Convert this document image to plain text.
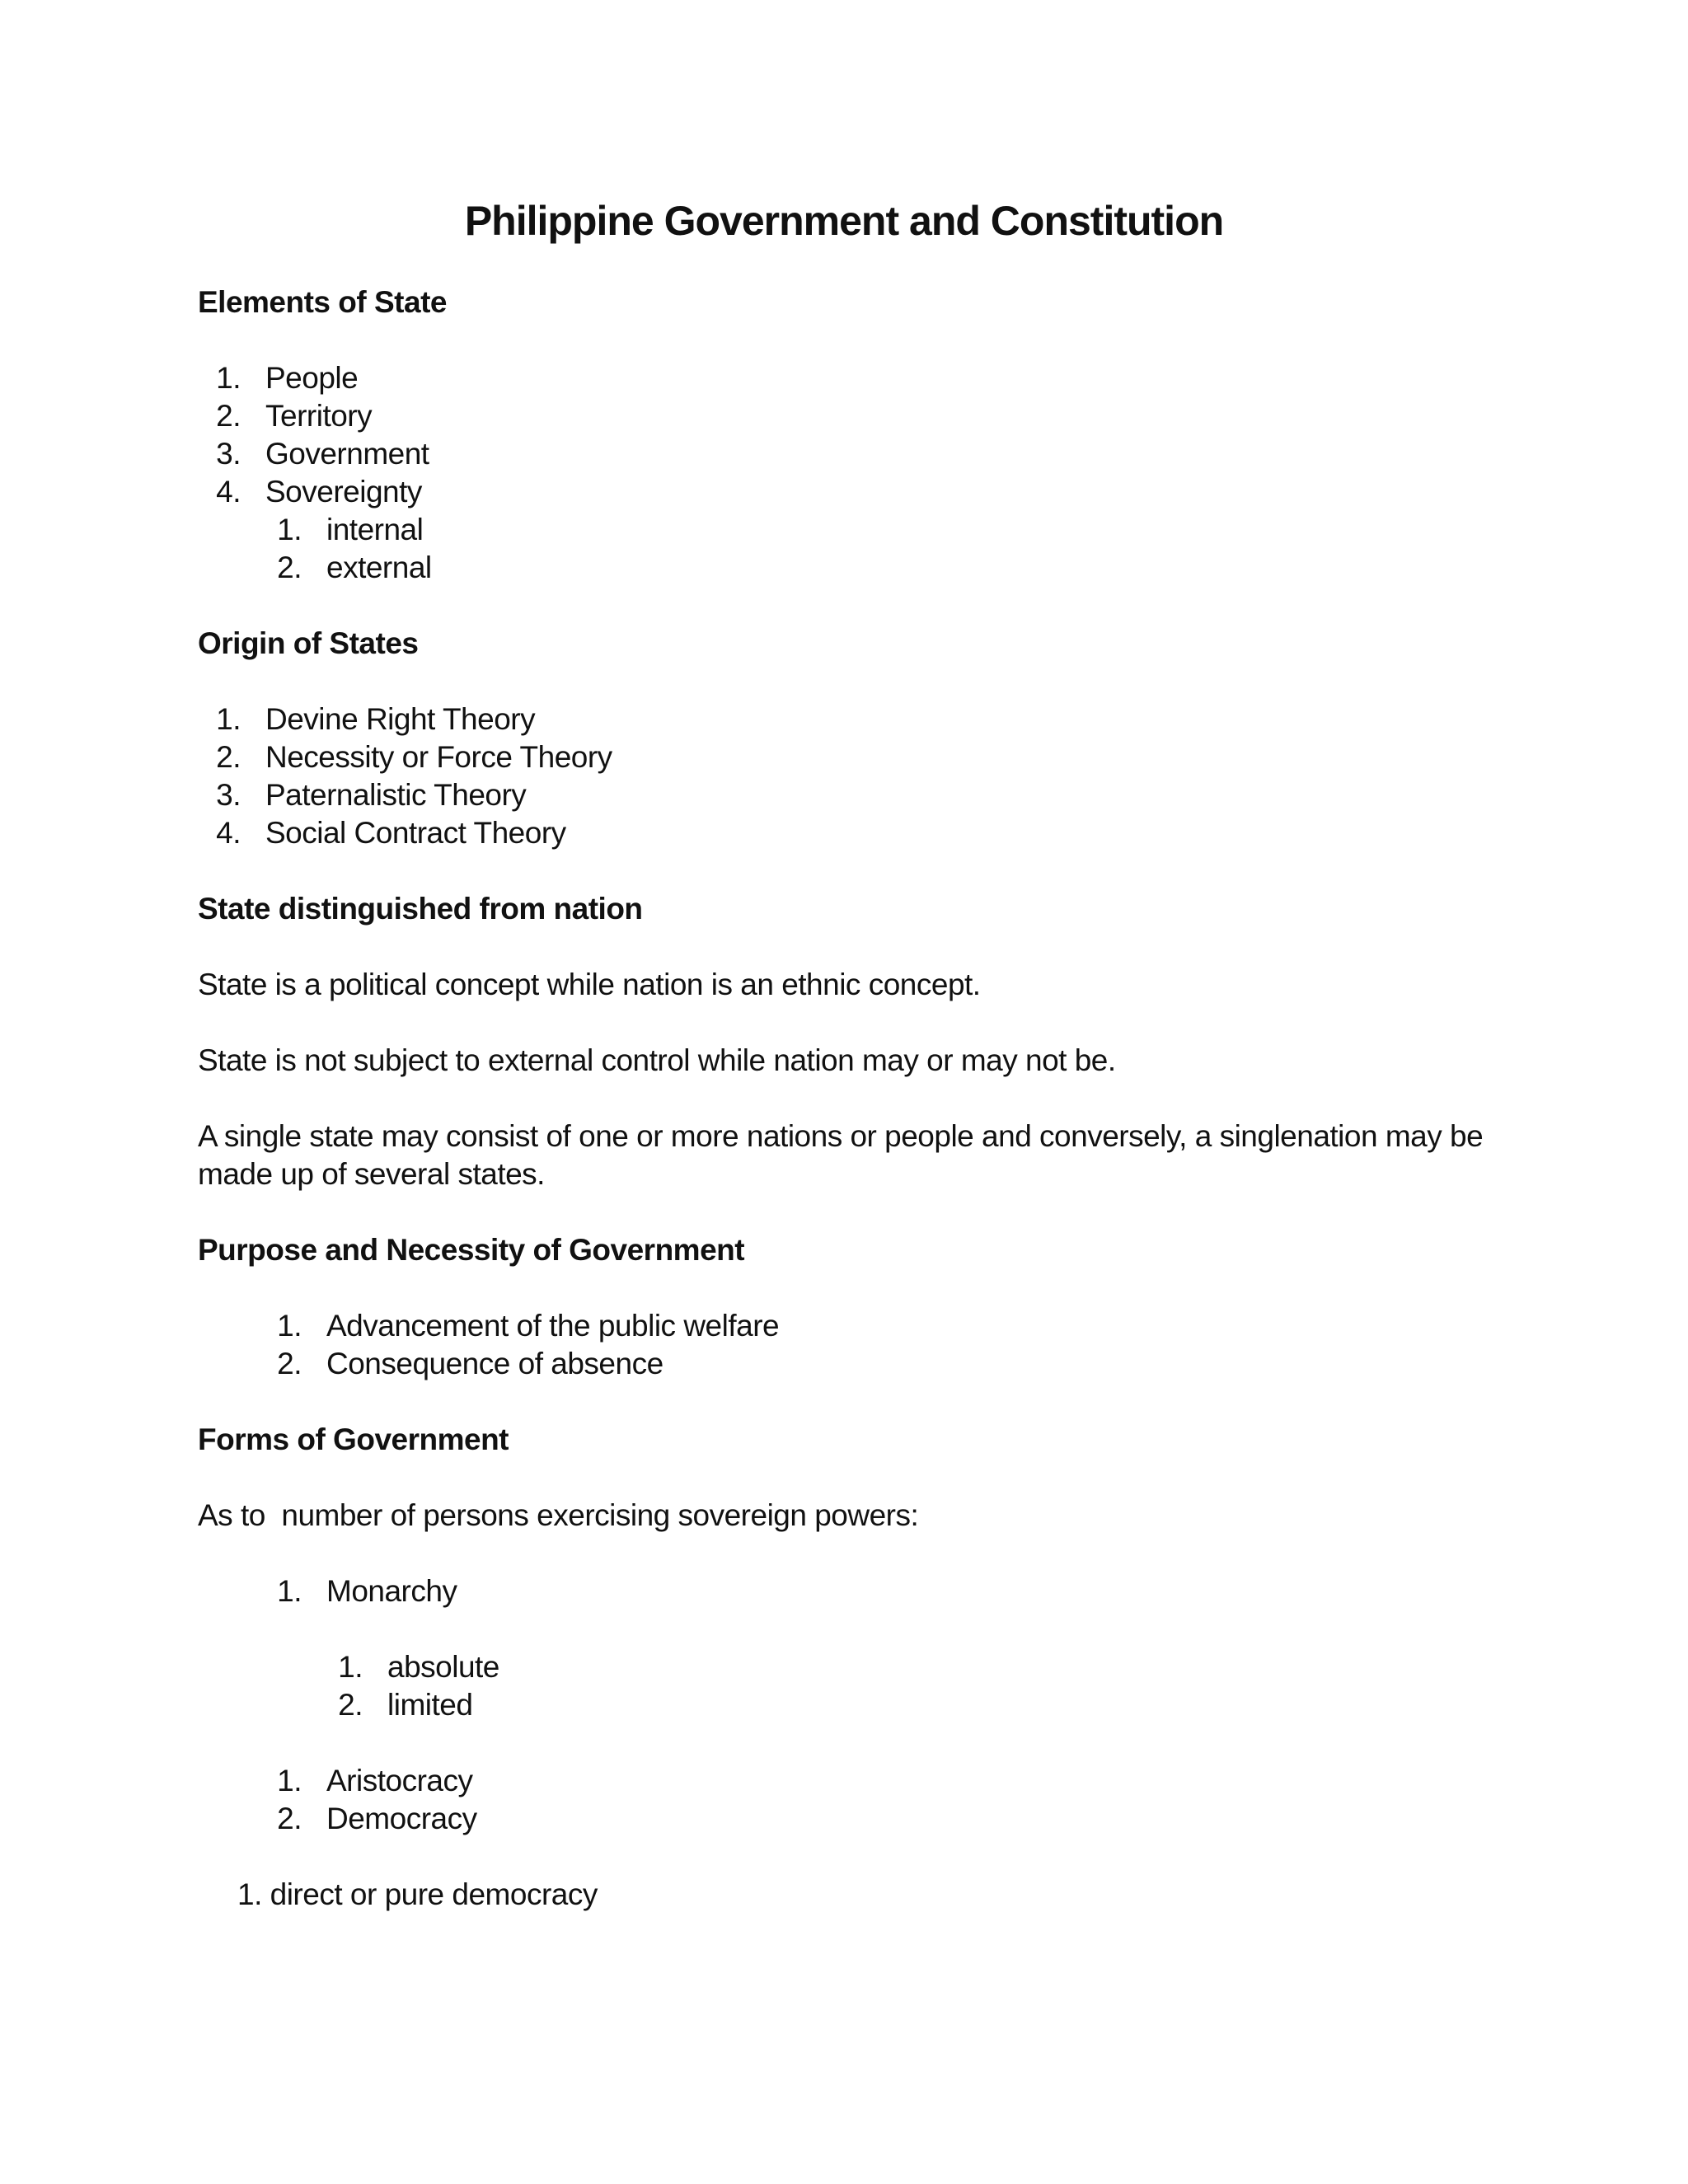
Philippine Government and Constitution
Elements of State
1. People
2. Territory
3. Government
4. Sovereignty
1. internal
2. external
Origin of States
1. Devine Right Theory
2. Necessity or Force Theory
3. Paternalistic Theory
4. Social Contract Theory
State distinguished from nation
State is a political concept while nation is an ethnic concept.
State is not subject to external control while nation may or may not be.
A single state may consist of one or more nations or people and conversely, a singlenation may be made up of several states.
Purpose and Necessity of Government
1. Advancement of the public welfare
2. Consequence of absence
Forms of Government
As to  number of persons exercising sovereign powers:
1. Monarchy
1. absolute
2. limited
1. Aristocracy
2. Democracy
1. direct or pure democracy
